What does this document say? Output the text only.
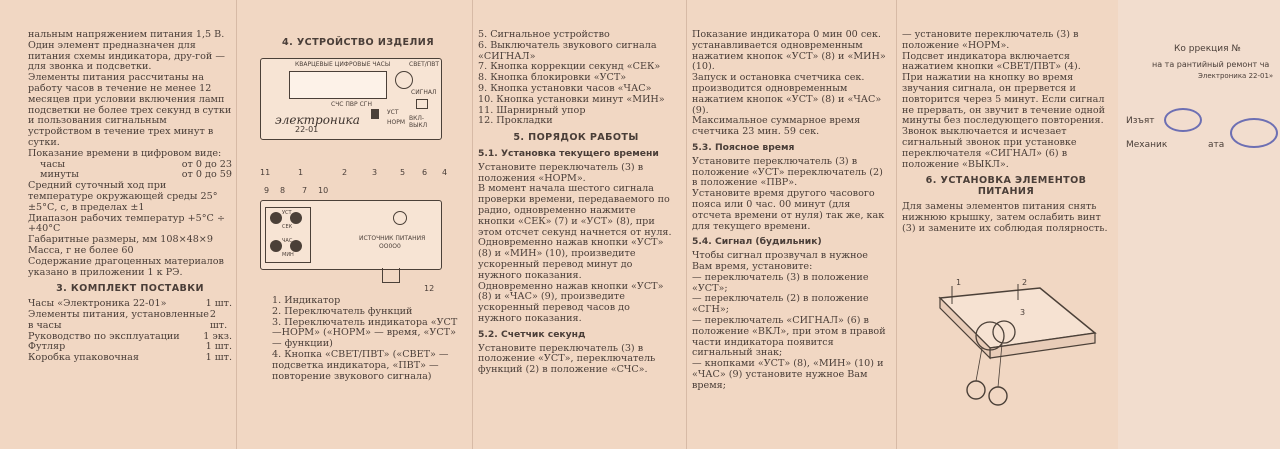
нальным напряжением питания 1,5 В.

Один элемент предназначен для питания схемы индикатора, дру-гой — для звонка и подсветки.

Элементы питания рассчитаны на работу часов в течение не менее 12 месяцев при условии включения ламп подсветки не более трех секунд в сутки и пользования сигнальным устройством в течение трех минут в сутки.

Показание времени в цифровом виде:

часы	от 0 до 23
минуты	от 0 до 59

Средний суточный ход при температуре окружающей среды 25° ±5°С, с, в пределах ±1

Диапазон рабочих температур +5°С ÷ +40°С

Габаритные размеры, мм 108×48×9

Масса, г не более 60

Содержание драгоценных материалов указано в приложении 1 к РЭ.

3. КОМПЛЕКТ ПОСТАВКИ

Часы «Электроника 22-01»	1 шт.
Элементы питания, установленные в часы
2 шт.
Руководство по эксплуатации 1 экз.
Футляр	1 шт.
Коробка упаковочная	1 шт.

4. УСТРОЙСТВО ИЗДЕЛИЯ

КВАРЦЕВЫЕ ЦИФРОВЫЕ ЧАСЫ	СВЕТ/ПВТ
СИГНАЛ
ВКЛ-ВЫКЛ
СЧС ПВР СГН
электроника
22-01
УСТ
НОРМ
11	1	2	3	5 6 4
9 8 7 10
УСТ
СЕК
ЧАС
МИН
ИСТОЧНИК ПИТАНИЯ
ОО0О0
12

1. Индикатор

2. Переключатель функций

3. Переключатель индикатора «УСТ—НОРМ» («НОРМ» — время, «УСТ» — функции)

4. Кнопка «СВЕТ/ПВТ» («СВЕТ» — подсветка индикатора, «ПВТ» — повторение звукового сигнала)

5. Сигнальное устройство

6. Выключатель звукового сигнала «СИГНАЛ»

7. Кнопка коррекции секунд «СЕК»

8. Кнопка блокировки «УСТ»

9. Кнопка установки часов «ЧАС»

10. Кнопка установки минут «МИН»

11. Шарнирный упор

12. Прокладки

5. ПОРЯДОК РАБОТЫ

5.1. Установка текущего времени

Установите переключатель (3) в положения «НОРМ».

В момент начала шестого сигнала проверки времени, передаваемого по радио, одновременно нажмите кнопки «СЕК» (7) и «УСТ» (8), при этом отсчет секунд начнется от нуля.

Одновременно нажав кнопки «УСТ» (8) и «МИН» (10), произведите ускоренный перевод минут до нужного показания.

Одновременно нажав кнопки «УСТ» (8) и «ЧАС» (9), произведите ускоренный перевод часов до нужного показания.

5.2. Счетчик секунд

Установите переключатель (3) в положение «УСТ», переключатель функций (2) в положение «СЧС».

Показание индикатора 0 мин 00 сек. устанавливается одновременным нажатием кнопок «УСТ» (8) и «МИН» (10).

Запуск и остановка счетчика сек. производится одновременным нажатием кнопок «УСТ» (8) и «ЧАС» (9).

Максимальное суммарное время счетчика 23 мин. 59 сек.

5.3. Поясное время

Установите переключатель (3) в положение «УСТ» переключатель (2) в положение «ПВР».

Установите время другого часового пояса или 0 час. 00 минут (для отсчета времени от нуля) так же, как для текущего времени.

5.4. Сигнал (будильник)

Чтобы сигнал прозвучал в нужное Вам время, установите:

— переключатель (3) в положение «УСТ»;

— переключатель (2) в положение «СГН»;

— переключатель «СИГНАЛ» (6) в положение «ВКЛ», при этом в правой части индикатора появится сигнальный знак;

— кнопками «УСТ» (8), «МИН» (10) и «ЧАС» (9) установите нужное Вам время;

— установите переключатель (3) в положение «НОРМ».

Подсвет индикатора включается нажатием кнопки «СВЕТ/ПВТ» (4).

При нажатии на кнопку во время звучания сигнала, он прервется и повторится через 5 минут. Если сигнал не прервать, он звучит в течение одной минуты без последующего повторения.

Звонок выключается и исчезает сигнальный звонок при установке переключателя «СИГНАЛ» (6) в положение «ВЫКЛ».

6. УСТАНОВКА ЭЛЕМЕНТОВ ПИТАНИЯ

Для замены элементов питания снять нижнюю крышку, затем ослабить винт (3) и замените их соблюдая полярность.

1	2
3
Ко ррекция №
на та рантийный ремонт ча
Электроника 22-01»
Изъят
Механик	ата
